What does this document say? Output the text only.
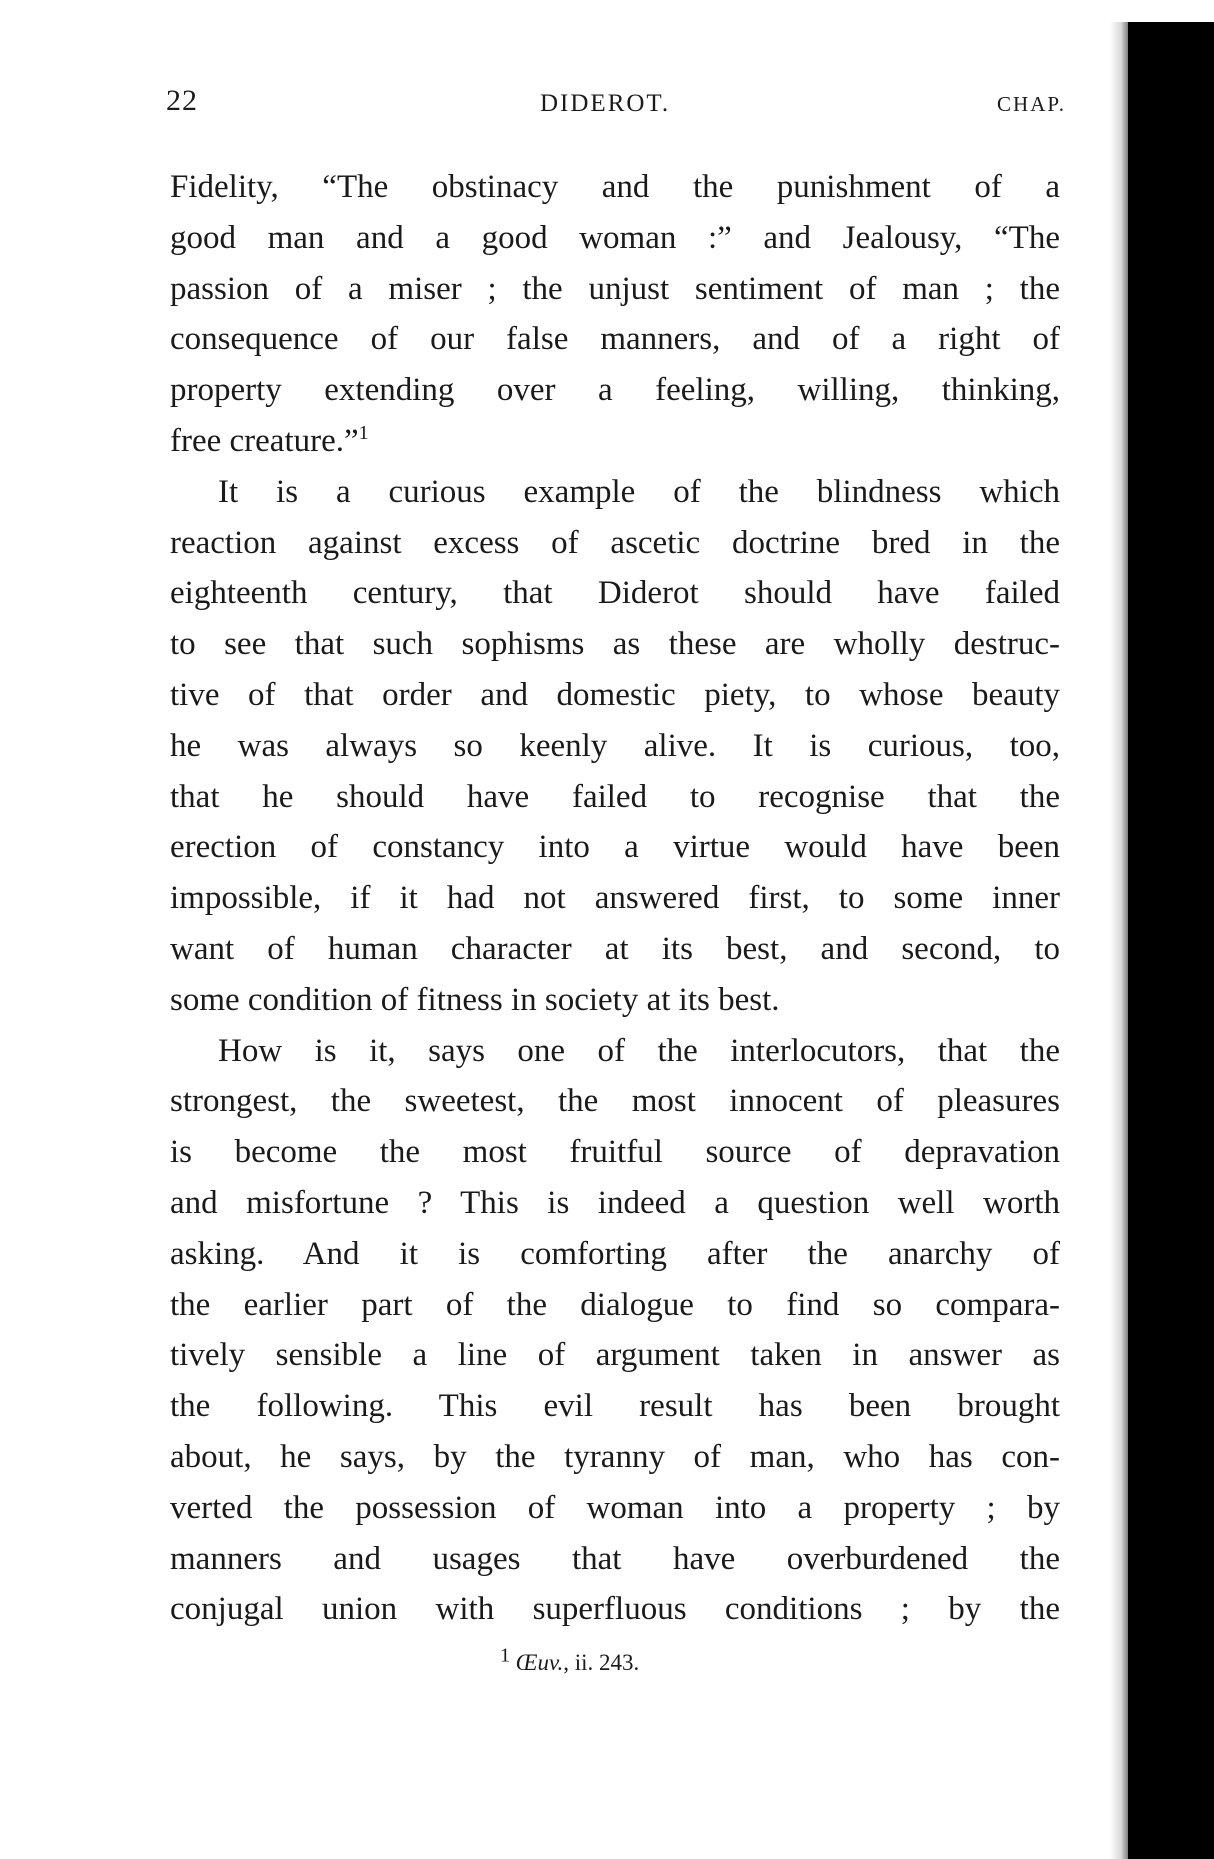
22	DIDEROT.	CHAP.
Fidelity, “The obstinacy and the punishment of a
good man and a good woman :” and Jealousy, “The
passion of a miser ; the unjust sentiment of man ; the
consequence of our false manners, and of a right of
property extending over a feeling, willing, thinking,
free creature.”$^1$
It is a curious example of the blindness which
reaction against excess of ascetic doctrine bred in the
eighteenth century, that Diderot should have failed
to see that such sophisms as these are wholly destruc-
tive of that order and domestic piety, to whose beauty
he was always so keenly alive. It is curious, too,
that he should have failed to recognise that the
erection of constancy into a virtue would have been
impossible, if it had not answered first, to some inner
want of human character at its best, and second, to
some condition of fitness in society at its best.
How is it, says one of the interlocutors, that the
strongest, the sweetest, the most innocent of pleasures
is become the most fruitful source of depravation
and misfortune ? This is indeed a question well worth
asking. And it is comforting after the anarchy of
the earlier part of the dialogue to find so compara-
tively sensible a line of argument taken in answer as
the following. This evil result has been brought
about, he says, by the tyranny of man, who has con-
verted the possession of woman into a property ; by
manners and usages that have overburdened the
conjugal union with superfluous conditions ; by the
$^1$ Œuv., ii. 243.
